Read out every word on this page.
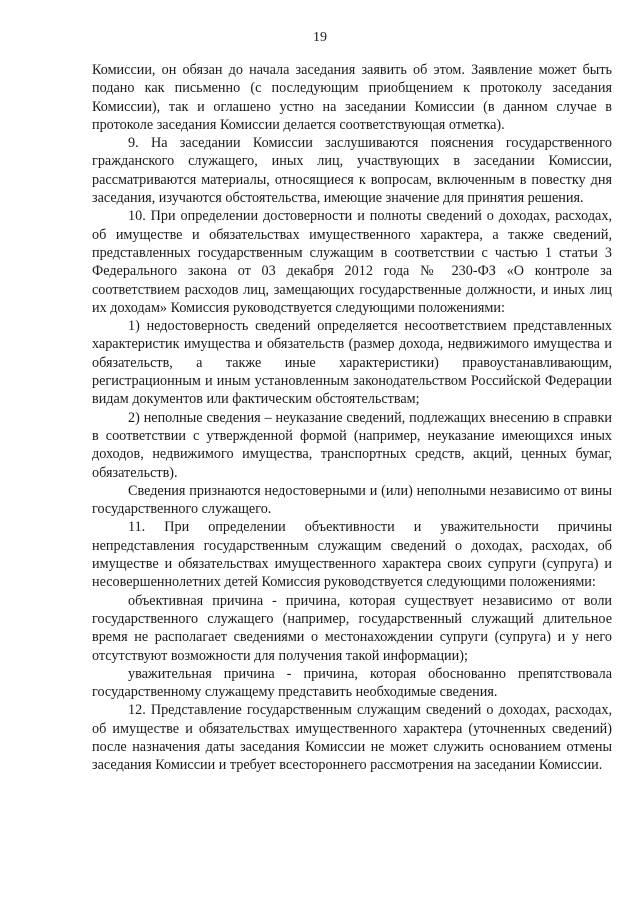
19

Комиссии, он обязан до начала заседания заявить об этом. Заявление может быть подано как письменно (с последующим приобщением к протоколу заседания Комиссии), так и оглашено устно на заседании Комиссии (в данном случае в протоколе заседания Комиссии делается соответствующая отметка).

9. На заседании Комиссии заслушиваются пояснения государственного гражданского служащего, иных лиц, участвующих в заседании Комиссии, рассматриваются материалы, относящиеся к вопросам, включенным в повестку дня заседания, изучаются обстоятельства, имеющие значение для принятия решения.

10. При определении достоверности и полноты сведений о доходах, расходах, об имуществе и обязательствах имущественного характера, а также сведений, представленных государственным служащим в соответствии с частью 1 статьи 3 Федерального закона от 03 декабря 2012 года № 230-ФЗ «О контроле за соответствием расходов лиц, замещающих государственные должности, и иных лиц их доходам» Комиссия руководствуется следующими положениями:

1) недостоверность сведений определяется несоответствием представленных характеристик имущества и обязательств (размер дохода, недвижимого имущества и обязательств, а также иные характеристики) правоустанавливающим, регистрационным и иным установленным законодательством Российской Федерации видам документов или фактическим обстоятельствам;

2) неполные сведения – неуказание сведений, подлежащих внесению в справки в соответствии с утвержденной формой (например, неуказание имеющихся иных доходов, недвижимого имущества, транспортных средств, акций, ценных бумаг, обязательств).

Сведения признаются недостоверными и (или) неполными независимо от вины государственного служащего.

11. При определении объективности и уважительности причины непредставления государственным служащим сведений о доходах, расходах, об имуществе и обязательствах имущественного характера своих супруги (супруга) и несовершеннолетних детей Комиссия руководствуется следующими положениями:

объективная причина - причина, которая существует независимо от воли государственного служащего (например, государственный служащий длительное время не располагает сведениями о местонахождении супруги (супруга) и у него отсутствуют возможности для получения такой информации);

уважительная причина - причина, которая обоснованно препятствовала государственному служащему представить необходимые сведения.

12. Представление государственным служащим сведений о доходах, расходах, об имуществе и обязательствах имущественного характера (уточненных сведений) после назначения даты заседания Комиссии не может служить основанием отмены заседания Комиссии и требует всестороннего рассмотрения на заседании Комиссии.
